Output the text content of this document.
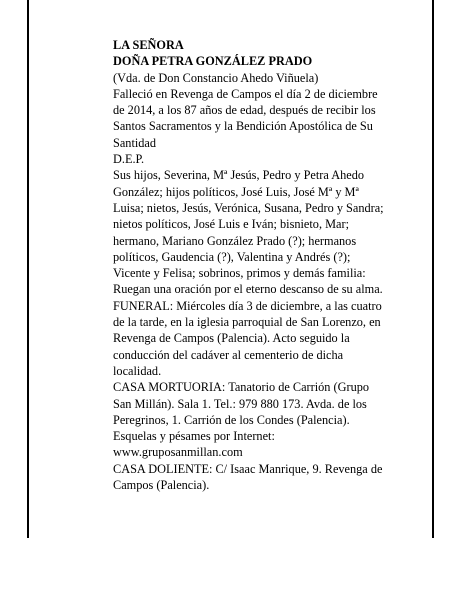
LA SEÑORA
DOÑA PETRA GONZÁLEZ PRADO
(Vda. de Don Constancio Ahedo Viñuela)
Falleció en Revenga de Campos el día 2 de diciembre
de 2014, a los 87 años de edad, después de recibir los
Santos Sacramentos y la Bendición Apostólica de Su
Santidad
D.E.P.
Sus hijos, Severina, Mª Jesús, Pedro y Petra Ahedo
González; hijos políticos, José Luis, José Mª y Mª
Luisa; nietos, Jesús, Verónica, Susana, Pedro y Sandra;
nietos políticos, José Luis e Iván; bisnieto, Mar;
hermano, Mariano González Prado (?); hermanos
políticos, Gaudencia (?), Valentina y Andrés (?);
Vicente y Felisa; sobrinos, primos y demás familia:
Ruegan una oración por el eterno descanso de su alma.
FUNERAL: Miércoles día 3 de diciembre, a las cuatro
de la tarde, en la iglesia parroquial de San Lorenzo, en
Revenga de Campos (Palencia). Acto seguido la
conducción del cadáver al cementerio de dicha
localidad.
CASA MORTUORIA: Tanatorio de Carrión (Grupo
San Millán). Sala 1. Tel.: 979 880 173. Avda. de los
Peregrinos, 1. Carrión de los Condes (Palencia).
Esquelas y pésames por Internet:
www.gruposanmillan.com
CASA DOLIENTE: C/ Isaac Manrique, 9. Revenga de
Campos (Palencia).
